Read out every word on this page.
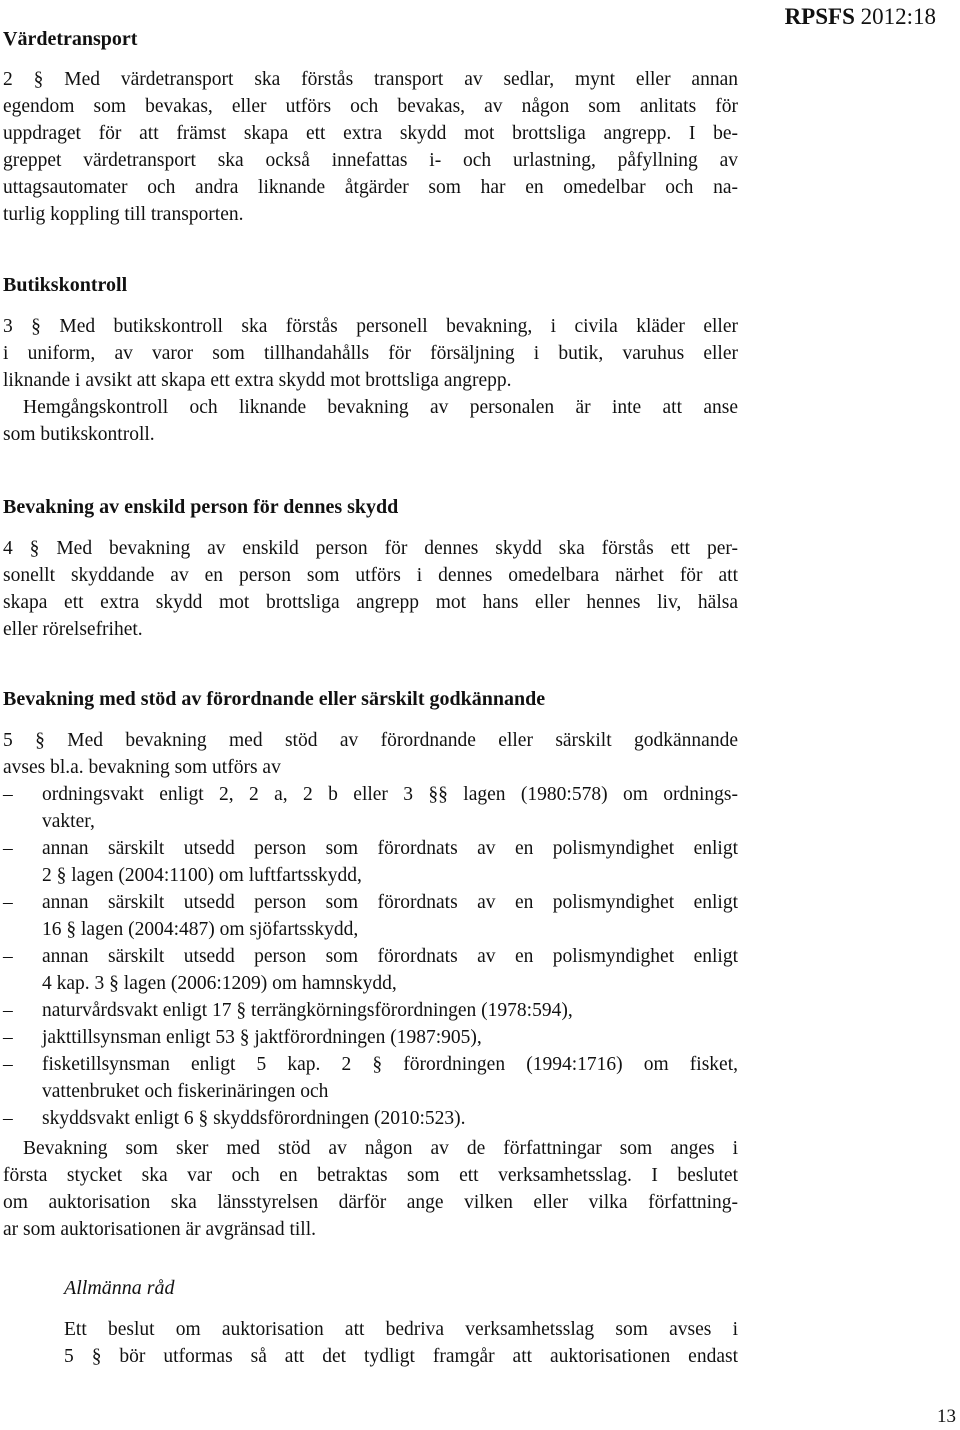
RPSFS 2012:18
Värdetransport
2 § Med värdetransport ska förstås transport av sedlar, mynt eller annan
egendom som bevakas, eller utförs och bevakas, av någon som anlitats för
uppdraget för att främst skapa ett extra skydd mot brottsliga angrepp. I be-
greppet värdetransport ska också innefattas i- och urlastning, påfyllning av
uttagsautomater och andra liknande åtgärder som har en omedelbar och na-
turlig koppling till transporten.
Butikskontroll
3 § Med butikskontroll ska förstås personell bevakning, i civila kläder eller
i uniform, av varor som tillhandahålls för försäljning i butik, varuhus eller
liknande i avsikt att skapa ett extra skydd mot brottsliga angrepp.
Hemgångskontroll och liknande bevakning av personalen är inte att anse
som butikskontroll.
Bevakning av enskild person för dennes skydd
4 § Med bevakning av enskild person för dennes skydd ska förstås ett per-
sonellt skyddande av en person som utförs i dennes omedelbara närhet för att
skapa ett extra skydd mot brottsliga angrepp mot hans eller hennes liv, hälsa
eller rörelsefrihet.
Bevakning med stöd av förordnande eller särskilt godkännande
5 § Med bevakning med stöd av förordnande eller särskilt godkännande
avses bl.a. bevakning som utförs av
– ordningsvakt enligt 2, 2 a, 2 b eller 3 §§ lagen (1980:578) om ordnings-
vakter,
– annan särskilt utsedd person som förordnats av en polismyndighet enligt
2 § lagen (2004:1100) om luftfartsskydd,
– annan särskilt utsedd person som förordnats av en polismyndighet enligt
16 § lagen (2004:487) om sjöfartsskydd,
– annan särskilt utsedd person som förordnats av en polismyndighet enligt
4 kap. 3 § lagen (2006:1209) om hamnskydd,
– naturvårdsvakt enligt 17 § terrängkörningsförordningen (1978:594),
– jakttillsynsman enligt 53 § jaktförordningen (1987:905),
– fisketillsynsman enligt 5 kap. 2 § förordningen (1994:1716) om fisket,
vattenbruket och fiskerinäringen och
– skyddsvakt enligt 6 § skyddsförordningen (2010:523).
Bevakning som sker med stöd av någon av de författningar som anges i
första stycket ska var och en betraktas som ett verksamhetsslag. I beslutet
om auktorisation ska länsstyrelsen därför ange vilken eller vilka författning-
ar som auktorisationen är avgränsad till.
Allmänna råd
Ett beslut om auktorisation att bedriva verksamhetsslag som avses i
5 § bör utformas så att det tydligt framgår att auktorisationen endast
13
